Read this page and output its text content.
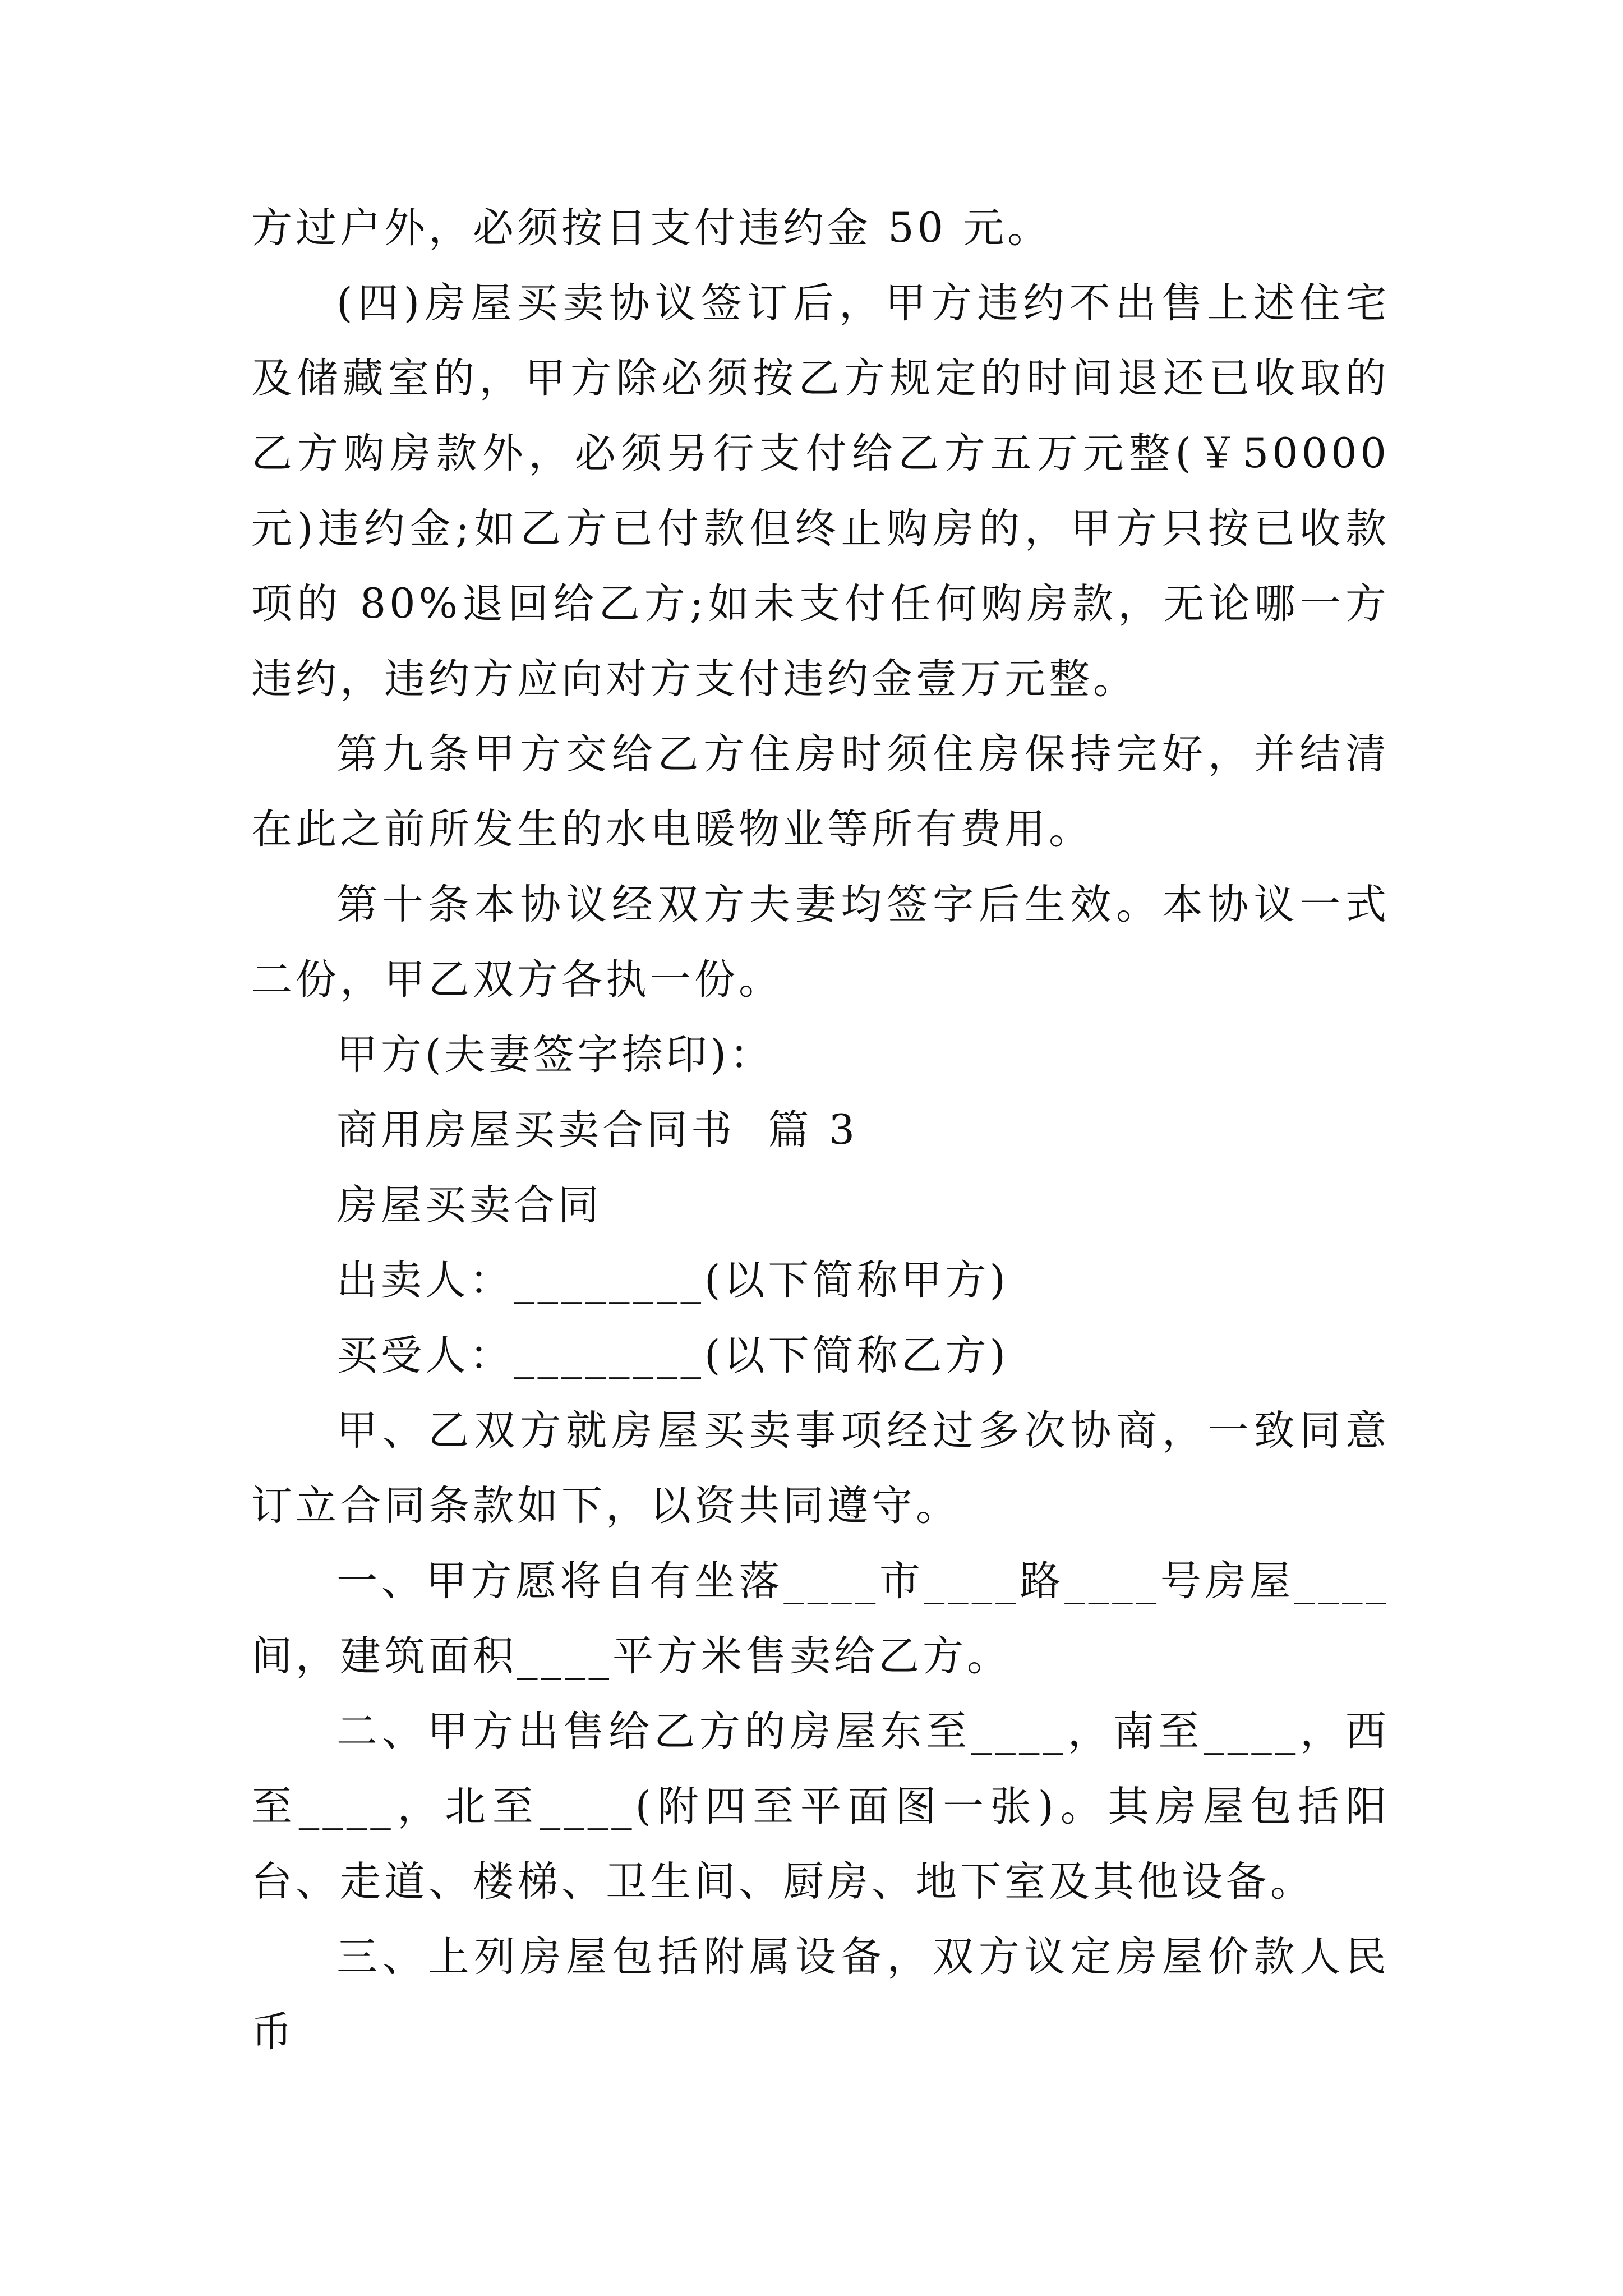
方过户外，必须按日支付违约金 50 元。

(四)房屋买卖协议签订后，甲方违约不出售上述住宅及储藏室的，甲方除必须按乙方规定的时间退还已收取的乙方购房款外，必须另行支付给乙方五万元整(￥50000 元)违约金;如乙方已付款但终止购房的，甲方只按已收款项的 80%退回给乙方;如未支付任何购房款，无论哪一方违约，违约方应向对方支付违约金壹万元整。

第九条甲方交给乙方住房时须住房保持完好，并结清在此之前所发生的水电暖物业等所有费用。

第十条本协议经双方夫妻均签字后生效。本协议一式二份，甲乙双方各执一份。

甲方(夫妻签字捺印)：

商用房屋买卖合同书  篇 3

房屋买卖合同

出卖人：________(以下简称甲方)

买受人：________(以下简称乙方)

甲、乙双方就房屋买卖事项经过多次协商，一致同意订立合同条款如下，以资共同遵守。

一、甲方愿将自有坐落____市____路____号房屋____间，建筑面积____平方米售卖给乙方。

二、甲方出售给乙方的房屋东至____，南至____，西至____，北至____(附四至平面图一张)。其房屋包括阳台、走道、楼梯、卫生间、厨房、地下室及其他设备。

三、上列房屋包括附属设备，双方议定房屋价款人民币
